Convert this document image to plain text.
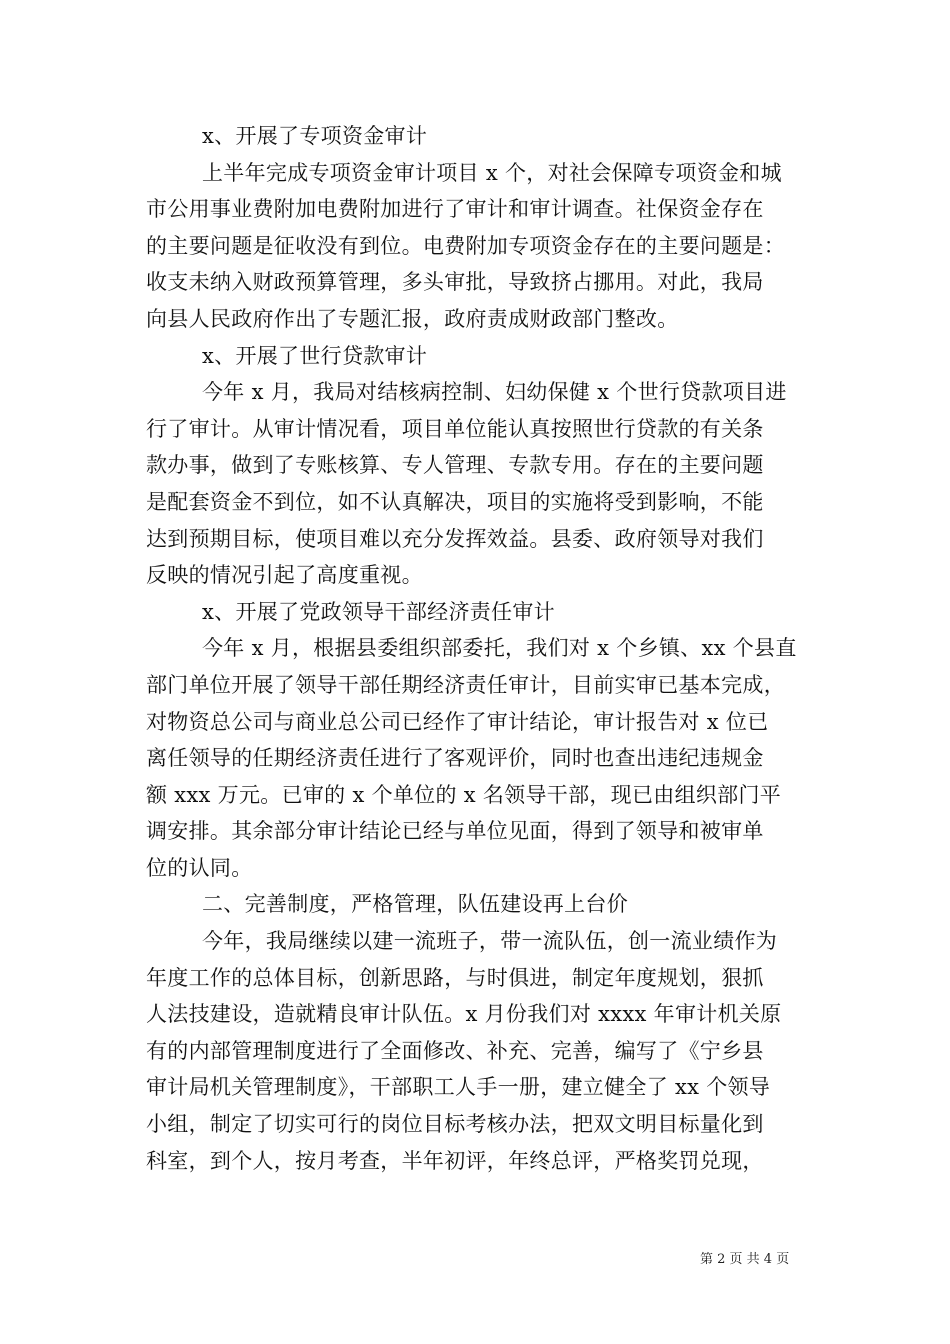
x、开展了专项资金审计

上半年完成专项资金审计项目 x 个，对社会保障专项资金和城
市公用事业费附加电费附加进行了审计和审计调查。社保资金存在
的主要问题是征收没有到位。电费附加专项资金存在的主要问题是：
收支未纳入财政预算管理，多头审批，导致挤占挪用。对此，我局
向县人民政府作出了专题汇报，政府责成财政部门整改。

x、开展了世行贷款审计

今年 x 月，我局对结核病控制、妇幼保健 x 个世行贷款项目进
行了审计。从审计情况看，项目单位能认真按照世行贷款的有关条
款办事，做到了专账核算、专人管理、专款专用。存在的主要问题
是配套资金不到位，如不认真解决，项目的实施将受到影响，不能
达到预期目标，使项目难以充分发挥效益。县委、政府领导对我们
反映的情况引起了高度重视。

x、开展了党政领导干部经济责任审计

今年 x 月，根据县委组织部委托，我们对 x 个乡镇、xx 个县直
部门单位开展了领导干部任期经济责任审计，目前实审已基本完成，
对物资总公司与商业总公司已经作了审计结论，审计报告对 x 位已
离任领导的任期经济责任进行了客观评价，同时也查出违纪违规金
额 xxx 万元。已审的 x 个单位的 x 名领导干部，现已由组织部门平
调安排。其余部分审计结论已经与单位见面，得到了领导和被审单
位的认同。

二、完善制度，严格管理，队伍建设再上台价

今年，我局继续以建一流班子，带一流队伍，创一流业绩作为
年度工作的总体目标，创新思路，与时俱进，制定年度规划，狠抓
人法技建设，造就精良审计队伍。x 月份我们对 xxxx 年审计机关原
有的内部管理制度进行了全面修改、补充、完善，编写了《宁乡县
审计局机关管理制度》，干部职工人手一册，建立健全了 xx 个领导
小组，制定了切实可行的岗位目标考核办法，把双文明目标量化到
科室，到个人，按月考查，半年初评，年终总评，严格奖罚兑现，

第 2 页 共 4 页
